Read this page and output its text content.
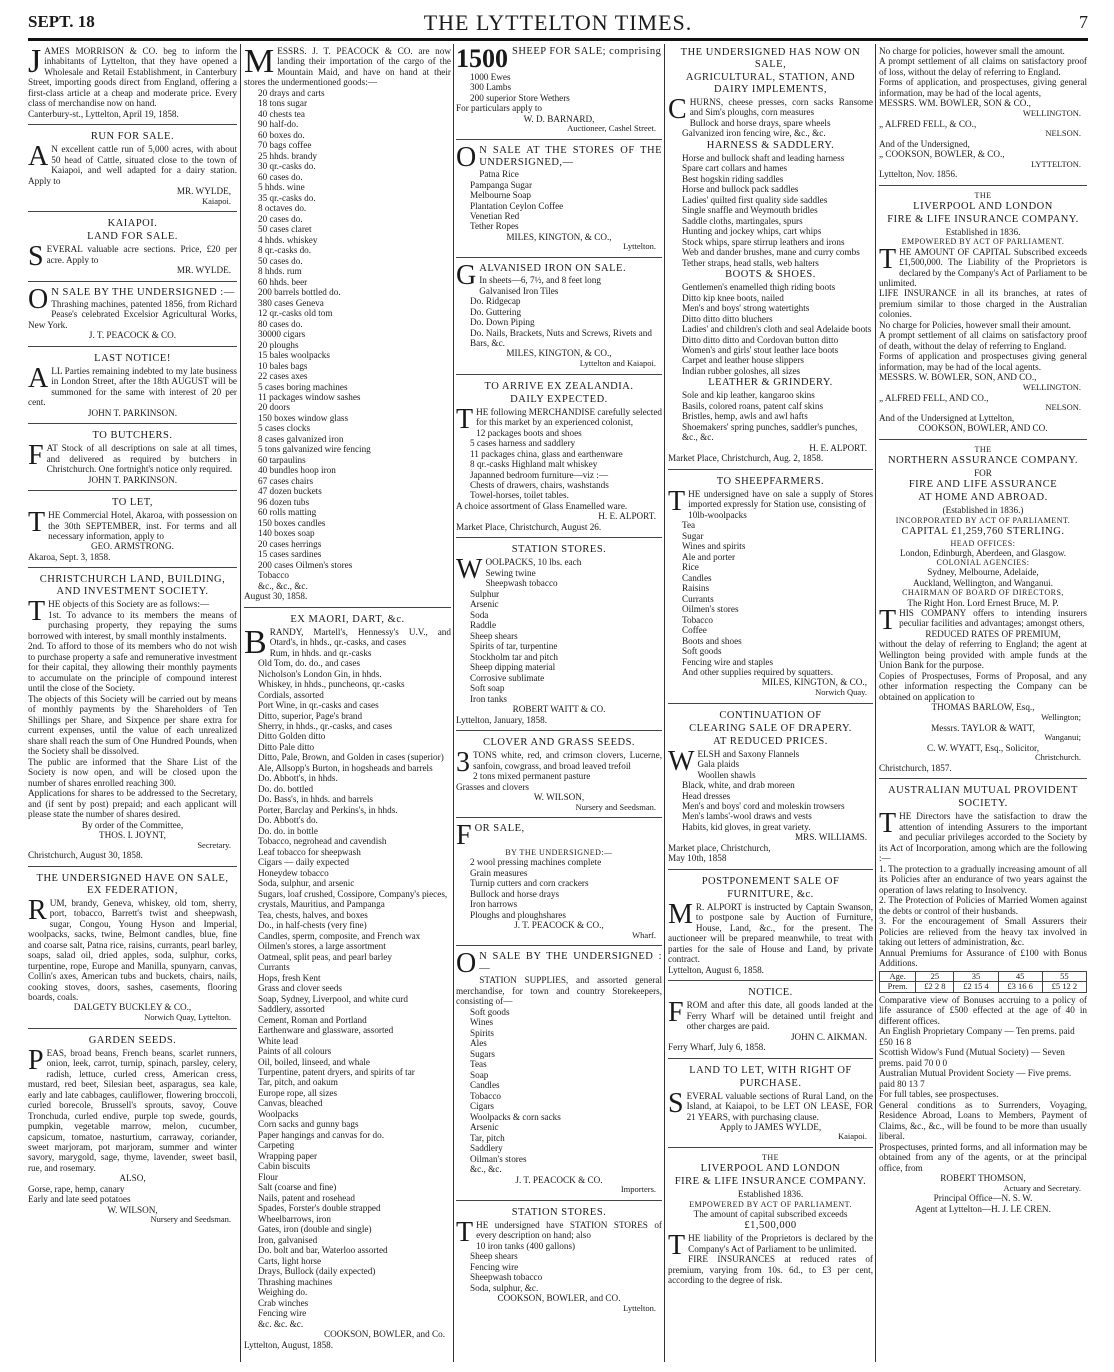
SEPT. 18	THE LYTTELTON TIMES.	7

JAMES MORRISON & CO. beg to inform the inhabitants of Lyttelton, that they have opened a Wholesale and Retail Establishment, in Canterbury Street, importing goods direct from England, offering a first-class article at a cheap and moderate price. Every class of merchandise now on hand.

Canterbury-st., Lyttelton, April 19, 1858.

RUN FOR SALE.

A N excellent cattle run of 5,000 acres, with about 50 head of Cattle, situated close to the town of Kaiapoi, and well adapted for a dairy station. Apply to

MR. WYLDE,
Kaiapoi.
KAIAPOI.
LAND FOR SALE.

SEVERAL valuable acre sections. Price, £20 per acre. Apply to

MR. WYLDE.

O N SALE BY THE UNDERSIGNED :—

Thrashing machines, patented 1856, from Richard Pease's celebrated Excelsior Agricultural Works, New York.

J. T. PEACOCK & CO.
LAST NOTICE!

ALL Parties remaining indebted to my late business in London Street, after the 18th AUGUST will be summoned for the same with interest of 20 per cent.

JOHN T. PARKINSON.
TO BUTCHERS.

FAT Stock of all descriptions on sale at all times, and delivered as required by butchers in Christchurch. One fortnight's notice only required.

JOHN T. PARKINSON.
TO LET,

THE Commercial Hotel, Akaroa, with possession on the 30th SEPTEMBER, inst. For terms and all necessary information, apply to

GEO. ARMSTRONG.

Akaroa, Sept. 3, 1858.

CHRISTCHURCH LAND, BUILDING, AND INVESTMENT SOCIETY.

THE objects of this Society are as follows:—

1st. To advance to its members the means of purchasing property, they repaying the sums borrowed with interest, by small monthly instalments.

2nd. To afford to those of its members who do not wish to purchase property a safe and remunerative investment for their capital, they allowing their monthly payments to accumulate on the principle of compound interest until the close of the Society.

The objects of this Society will be carried out by means of monthly payments by the Shareholders of Ten Shillings per Share, and Sixpence per share extra for current expenses, until the value of each unrealized share shall reach the sum of One Hundred Pounds, when the Society shall be dissolved.

The public are informed that the Share List of the Society is now open, and will be closed upon the number of shares enrolled reaching 300.

Applications for shares to be addressed to the Secretary, and (if sent by post) prepaid; and each applicant will please state the number of shares desired.

By order of the Committee,
THOS. I. JOYNT,
Secretary.

Christchurch, August 30, 1858.

THE UNDERSIGNED HAVE ON SALE, EX FEDERATION,

RUM, brandy, Geneva, whiskey, old tom, sherry, port, tobacco, Barrett's twist and sheepwash, sugar, Congou, Young Hyson and Imperial, woolpacks, sacks, twine, Belmont candles, blue, fine and coarse salt, Patna rice, raisins, currants, pearl barley, soaps, salad oil, dried apples, soda, sulphur, corks, turpentine, rope, Europe and Manilla, spunyarn, canvas, Collin's axes, American tubs and buckets, chairs, nails, cooking stoves, doors, sashes, casements, flooring boards, coals.

DALGETY BUCKLEY & CO.,
Norwich Quay, Lyttelton.
GARDEN SEEDS.

PEAS, broad beans, French beans, scarlet runners, onion, leek, carrot, turnip, spinach, parsley, celery, radish, lettuce, curled cress, American cress, mustard, red beet, Silesian beet, asparagus, sea kale, early and late cabbages, cauliflower, flowering broccoli, curled borecole, Brussell's sprouts, savoy, Couve Tronchuda, curled endive, purple top swede, gourds, pumpkin, vegetable marrow, melon, cucumber, capsicum, tomatoe, nasturtium, carraway, coriander, sweet marjoram, pot marjoram, summer and winter savory, marygold, sage, thyme, lavender, sweet basil, rue, and rosemary.

ALSO,
Gorse, rape, hemp, canary
Early and late seed potatoes
W. WILSON,
Nursery and Seedsman.

MESSRS. J. T. PEACOCK & CO. are now landing their importation of the cargo of the Mountain Maid, and have on hand at their stores the undermentioned goods:—

20 drays and carts
18 tons sugar
40 chests tea
90 half-do.
60 boxes do.
70 bags coffee
25 hhds. brandy
30 qr.-casks do.
60 cases do.
5 hhds. wine
35 qr.-casks do.
8 octaves do.
20 cases do.
50 cases claret
4 hhds. whiskey
8 qr.-casks do.
50 cases do.
8 hhds. rum
60 hhds. beer
200 barrels bottled do.
380 cases Geneva
12 qr.-casks old tom
80 cases do.
30000 cigars
20 ploughs
15 bales woolpacks
10 bales bags
22 cases axes
5 cases boring machines
11 packages window sashes
20 doors
150 boxes window glass
5 cases clocks
8 cases galvanized iron
5 tons galvanized wire fencing
60 tarpaulins
40 bundles hoop iron
67 cases chairs
47 dozen buckets
96 dozen tubs
60 rolls matting
150 boxes candles
140 boxes soap
20 cases herrings
15 cases sardines
200 cases Oilmen's stores
Tobacco
&c., &c., &c.
August 30, 1858.
EX MAORI, DART, &c.

BRANDY, Martell's, Hennessy's U.V., and Otard's, in hhds., qr.-casks, and cases

Rum, in hhds. and qr.-casks
Old Tom, do. do., and cases
Nicholson's London Gin, in hhds.
Whiskey, in hhds., puncheons, qr.-casks
Cordials, assorted
Port Wine, in qr.-casks and cases
Ditto, superior, Page's brand
Sherry, in hhds., qr.-casks, and cases
Ditto Golden ditto
Ditto Pale ditto
Ditto, Pale, Brown, and Golden in cases (superior)
Ale, Allsopp's Burton, in hogsheads and barrels
Do. Abbott's, in hhds.
Do. do. bottled
Do. Bass's, in hhds. and barrels
Porter, Barclay and Perkins's, in hhds.
Do. Abbott's do.
Do. do. in bottle
Tobacco, negrohead and cavendish
Leaf tobacco for sheepwash
Cigars — daily expected
Honeydew tobacco
Soda, sulphur, and arsenic
Sugars, loaf crushed, Cossipore, Company's pieces, crystals, Mauritius, and Pampanga
Tea, chests, halves, and boxes
Do., in half-chests (very fine)
Candles, sperm, composite, and French wax
Oilmen's stores, a large assortment
Oatmeal, split peas, and pearl barley
Currants
Hops, fresh Kent
Grass and clover seeds
Soap, Sydney, Liverpool, and white curd
Saddlery, assorted
Cement, Roman and Portland
Earthenware and glassware, assorted
White lead
Paints of all colours
Oil, boiled, linseed, and whale
Turpentine, patent dryers, and spirits of tar
Tar, pitch, and oakum
Europe rope, all sizes
Canvas, bleached
Woolpacks
Corn sacks and gunny bags
Paper hangings and canvas for do.
Carpeting
Wrapping paper
Cabin biscuits
Flour
Salt (coarse and fine)
Nails, patent and rosehead
Spades, Forster's double strapped
Wheelbarrows, iron
Gates, iron (double and single)
Iron, galvanised
Do. bolt and bar, Waterloo assorted
Carts, light horse
Drays, Bullock (daily expected)
Thrashing machines
Weighing do.
Crab winches
Fencing wire
&c. &c. &c.
COOKSON, BOWLER, and Co.
Lyttelton, August, 1858.

1500 SHEEP FOR SALE; comprising

1000 Ewes
300 Lambs
200 superior Store Wethers
For particulars apply to
W. D. BARNARD,
Auctioneer, Cashel Street.

O N SALE AT THE STORES OF THE UNDERSIGNED,—

Patna Rice
Pampanga Sugar
Melbourne Soap
Plantation Ceylon Coffee
Venetian Red
Tether Ropes
MILES, KINGTON, & CO.,
Lyttelton.

GALVANISED IRON ON SALE.

In sheets—6, 7½, and 8 feet long
Galvanised Iron Tiles
Do. Ridgecap
Do. Guttering
Do. Down Piping
Do. Nails, Brackets, Nuts and Screws, Rivets and Bars, &c.
MILES, KINGTON, & CO.,
Lyttelton and Kaiapoi.
TO ARRIVE EX ZEALANDIA.
DAILY EXPECTED.

THE following MERCHANDISE carefully selected for this market by an experienced colonist,

12 packages boots and shoes
5 cases harness and saddlery
11 packages china, glass and earthenware
8 qr.-casks Highland malt whiskey
Japanned bedroom furniture—viz :—
Chests of drawers, chairs, washstands
Towel-horses, toilet tables.

A choice assortment of Glass Enamelled ware.

H. E. ALPORT.
Market Place, Christchurch, August 26.
STATION STORES.

WOOLPACKS, 10 lbs. each

Sewing twine
Sheepwash tobacco
Sulphur
Arsenic
Soda
Raddle
Sheep shears
Spirits of tar, turpentine
Stockholm tar and pitch
Sheep dipping material
Corrosive sublimate
Soft soap
Iron tanks
ROBERT WAITT & CO.
Lyttelton, January, 1858.
CLOVER AND GRASS SEEDS.

3 TONS white, red, and crimson clovers, Lucerne, sanfoin, cowgrass, and broad leaved trefoil

2 tons mixed permanent pasture
Grasses and clovers
W. WILSON,
Nursery and Seedsman.

FOR SALE,

BY THE UNDERSIGNED:—
2 wool pressing machines complete
Grain measures
Turnip cutters and corn crackers
Bullock and horse drays
Iron harrows
Ploughs and ploughshares
J. T. PEACOCK & CO.,
Wharf.

O N SALE BY THE UNDERSIGNED :—

STATION SUPPLIES, and assorted general merchandise, for town and country Storekeepers, consisting of—

Soft goods
Wines
Spirits
Ales
Sugars
Teas
Soap
Candles
Tobacco
Cigars
Woolpacks & corn sacks
Arsenic
Tar, pitch
Saddlery
Oilman's stores
&c., &c.
J. T. PEACOCK & CO.
Importers.
STATION STORES.

THE undersigned have STATION STORES of every description on hand; also

10 iron tanks (400 gallons)
Sheep shears
Fencing wire
Sheepwash tobacco
Soda, sulphur, &c.
COOKSON, BOWLER, and CO.
Lyttelton.
THE UNDERSIGNED HAS NOW ON SALE,
AGRICULTURAL, STATION, AND DAIRY IMPLEMENTS,

CHURNS, cheese presses, corn sacks Ransome and Sim's ploughs, corn measures

Bullock and horse drays, spare wheels
Galvanized iron fencing wire, &c., &c.
HARNESS & SADDLERY.
Horse and bullock shaft and leading harness
Spare cart collars and hames
Best hogskin riding saddles
Horse and bullock pack saddles
Ladies' quilted first quality side saddles
Single snaffle and Weymouth bridles
Saddle cloths, martingales, spurs
Hunting and jockey whips, cart whips
Stock whips, spare stirrup leathers and irons
Web and dander brushes, mane and curry combs
Tether straps, head stalls, web halters
BOOTS & SHOES.
Gentlemen's enamelled thigh riding boots
Ditto kip knee boots, nailed
Men's and boys' strong watertights
Ditto ditto ditto bluchers
Ladies' and children's cloth and seal Adelaide boots
Ditto ditto ditto and Cordovan button ditto
Women's and girls' stout leather lace boots
Carpet and leather house slippers
Indian rubber goloshes, all sizes
LEATHER & GRINDERY.
Sole and kip leather, kangaroo skins
Basils, colored roans, patent calf skins
Bristles, hemp, awls and awl hafts
Shoemakers' spring punches, saddler's punches, &c., &c.
H. E. ALPORT.
Market Place, Christchurch, Aug. 2, 1858.
TO SHEEPFARMERS.

THE undersigned have on sale a supply of Stores imported expressly for Station use, consisting of

10lb-woolpacks
Tea
Sugar
Wines and spirits
Ale and porter
Rice
Candles
Raisins
Currants
Oilmen's stores
Tobacco
Coffee
Boots and shoes
Soft goods
Fencing wire and staples
And other supplies required by squatters.
MILES, KINGTON, & CO.,
Norwich Quay.
CONTINUATION OF
CLEARING SALE OF DRAPERY.
AT REDUCED PRICES.

WELSH and Saxony Flannels

Gala plaids
Woollen shawls
Black, white, and drab moreen
Head dresses
Men's and boys' cord and moleskin trowsers
Men's lambs'-wool draws and vests
Habits, kid gloves, in great variety.
MRS. WILLIAMS.
Market place, Christchurch,
May 10th, 1858
POSTPONEMENT SALE OF
FURNITURE, &c.

M R. ALPORT is instructed by Captain Swanson, to postpone sale by Auction of Furniture, House, Land, &c., for the present. The auctioneer will be prepared meanwhile, to treat with parties for the sale of House and Land, by private contract.

Lyttelton, August 6, 1858.
NOTICE.

FROM and after this date, all goods landed at the Ferry Wharf will be detained until freight and other charges are paid.

JOHN C. AIKMAN.
Ferry Wharf, July 6, 1858.
LAND TO LET, WITH RIGHT OF
PURCHASE.

SEVERAL valuable sections of Rural Land, on the Island, at Kaiapoi, to be LET ON LEASE, FOR 21 YEARS, with purchasing clause.

Apply to JAMES WYLDE,
Kaiapoi.
THE
LIVERPOOL AND LONDON
FIRE & LIFE INSURANCE COMPANY.
Established 1836.
EMPOWERED BY ACT OF PARLIAMENT.
The amount of capital subscribed exceeds
£1,500,000

THE liability of the Proprietors is declared by the Company's Act of Parliament to be unlimited.

FIRE INSURANCES at reduced rates of premium, varying from 10s. 6d., to £3 per cent, according to the degree of risk.

No charge for policies, however small the amount.

A prompt settlement of all claims on satisfactory proof of loss, without the delay of referring to England.

Forms of application, and prospectuses, giving general information, may be had of the local agents,

MESSRS. WM. BOWLER, SON & CO.,
WELLINGTON.
„ ALFRED FELL, & CO.,
NELSON.
And of the Undersigned,
„ COOKSON, BOWLER, & CO.,
LYTTELTON.
Lyttelton, Nov. 1856.
THE
LIVERPOOL AND LONDON
FIRE & LIFE INSURANCE COMPANY.
Established in 1836.
EMPOWERED BY ACT OF PARLIAMENT.

THE AMOUNT OF CAPITAL Subscribed exceeds £1,500,000. The Liability of the Proprietors is declared by the Company's Act of Parliament to be unlimited.

LIFE INSURANCE in all its branches, at rates of premium similar to those charged in the Australian colonies.

No charge for Policies, however small their amount.

A prompt settlement of all claims on satisfactory proof of death, without the delay of referring to England.

Forms of application and prospectuses giving general information, may be had of the local agents.

MESSRS. W. BOWLER, SON, AND CO.,
WELLINGTON.
„ ALFRED FELL, AND CO.,
NELSON.
And of the Undersigned at Lyttelton,
COOKSON, BOWLER, AND CO.
THE
NORTHERN ASSURANCE COMPANY.
FOR
FIRE AND LIFE ASSURANCE
AT HOME AND ABROAD.
(Established in 1836.)
INCORPORATED BY ACT OF PARLIAMENT.
CAPITAL £1,259,760 STERLING.
HEAD OFFICES:
London, Edinburgh, Aberdeen, and Glasgow.
COLONIAL AGENCIES:
Sydney, Melbourne, Adelaide,
Auckland, Wellington, and Wanganui.
CHAIRMAN OF BOARD OF DIRECTORS,
The Right Hon. Lord Ernest Bruce, M. P.

THIS COMPANY offers to intending insurers peculiar facilities and advantages; amongst others,

REDUCED RATES OF PREMIUM,

without the delay of referring to England; the agent at Wellington being provided with ample funds at the Union Bank for the purpose.

Copies of Prospectuses, Forms of Proposal, and any other information respecting the Company can be obtained on application to

THOMAS BARLOW, Esq.,
Wellington;
Messrs. TAYLOR & WATT,
Wanganui;
C. W. WYATT, Esq., Solicitor,
Christchurch.
Christchurch, 1857.
AUSTRALIAN MUTUAL PROVIDENT
SOCIETY.

THE Directors have the satisfaction to draw the attention of intending Assurers to the important and peculiar privileges accorded to the Society by its Act of Incorporation, among which are the following :—

1. The protection to a gradually increasing amount of all its Policies after an endurance of two years against the operation of laws relating to Insolvency.

2. The Protection of Policies of Married Women against the debts or control of their husbands.

3. For the encouragement of Small Assurers their Policies are relieved from the heavy tax involved in taking out letters of administration, &c.

Annual Premiums for Assurance of £100 with Bonus Additions.

Age.	25	35	45	55
Prem.	£2 2 8	£2 15 4	£3 16 6	£5 12 2

Comparative view of Bonuses accruing to a policy of life assurance of £500 effected at the age of 40 in different offices.

An English Proprietary Company — Ten prems. paid £50 16 8
Scottish Widow's Fund (Mutual Society) — Seven prems. paid 70 0 0
Australian Mutual Provident Society — Five prems. paid 80 13 7

For full tables, see prospectuses.

General conditions as to Surrenders, Voyaging, Residence Abroad, Loans to Members, Payment of Claims, &c., &c., will be found to be more than usually liberal.

Prospectuses, printed forms, and all information may be obtained from any of the agents, or at the principal office, from

ROBERT THOMSON,
Actuary and Secretary.
Principal Office—N. S. W.
Agent at Lyttelton—H. J. LE CREN.
